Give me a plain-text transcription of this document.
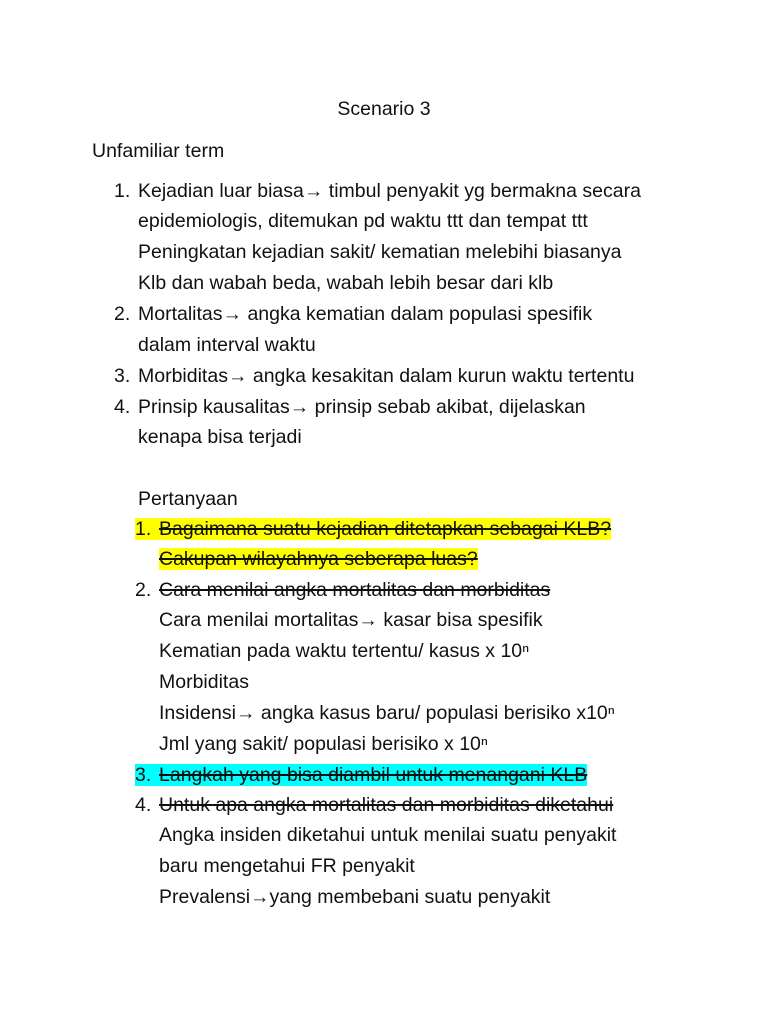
Scenario 3
Unfamiliar term
1. Kejadian luar biasa→ timbul penyakit yg bermakna secara
epidemiologis, ditemukan pd waktu ttt dan tempat ttt
Peningkatan kejadian sakit/ kematian melebihi biasanya
Klb dan wabah beda, wabah lebih besar dari klb
2. Mortalitas→ angka kematian dalam populasi spesifik
dalam interval waktu
3. Morbiditas→ angka kesakitan dalam kurun waktu tertentu
4. Prinsip kausalitas→ prinsip sebab akibat, dijelaskan
kenapa bisa terjadi
Pertanyaan
1. Bagaimana suatu kejadian ditetapkan sebagai KLB?
Cakupan wilayahnya seberapa luas?
2. Cara menilai angka mortalitas dan morbiditas
Cara menilai mortalitas→ kasar bisa spesifik
Kematian pada waktu tertentu/ kasus x 10ⁿ
Morbiditas
Insidensi→ angka kasus baru/ populasi berisiko x10ⁿ
Jml yang sakit/ populasi berisiko x 10ⁿ
3. Langkah yang bisa diambil untuk menangani KLB
4. Untuk apa angka mortalitas dan morbiditas diketahui
Angka insiden diketahui untuk menilai suatu penyakit
baru mengetahui FR penyakit
Prevalensi→yang membebani suatu penyakit
